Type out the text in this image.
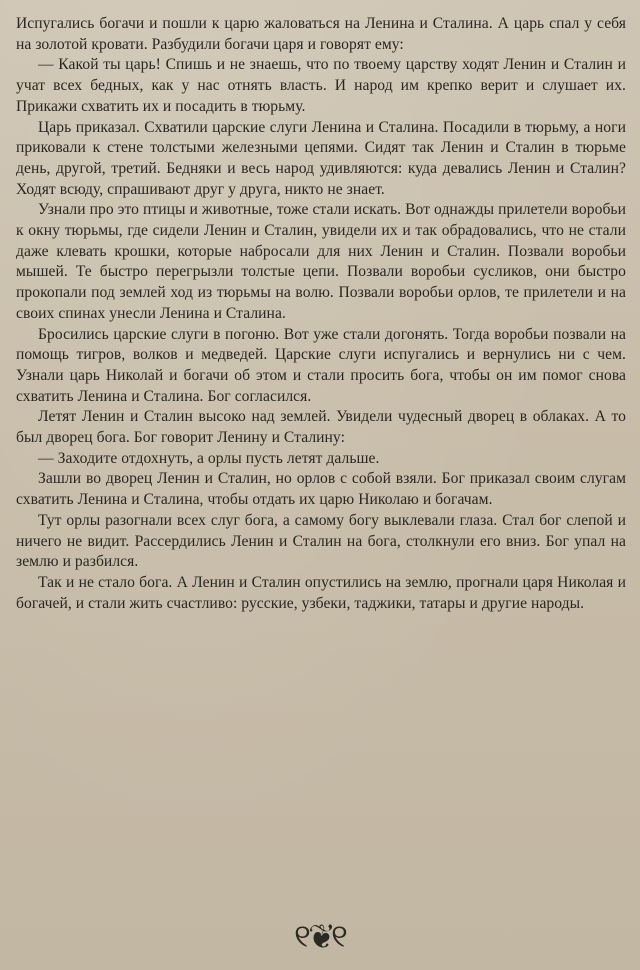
Испугались богачи и пошли к царю жаловаться на Ленина и Сталина. А царь спал у себя на золотой кровати. Разбудили богачи царя и говорят ему:

— Какой ты царь! Спишь и не знаешь, что по твоему царству ходят Ленин и Сталин и учат всех бедных, как у нас отнять власть. И народ им крепко верит и слушает их. Прикажи схватить их и посадить в тюрьму.

Царь приказал. Схватили царские слуги Ленина и Сталина. Посадили в тюрьму, а ноги приковали к стене толстыми железными цепями. Сидят так Ленин и Сталин в тюрьме день, другой, третий. Бедняки и весь народ удивляются: куда девались Ленин и Сталин? Ходят всюду, спрашивают друг у друга, никто не знает.

Узнали про это птицы и животные, тоже стали искать. Вот однажды прилетели воробьи к окну тюрьмы, где сидели Ленин и Сталин, увидели их и так обрадовались, что не стали даже клевать крошки, которые набросали для них Ленин и Сталин. Позвали воробьи мышей. Те быстро перегрызли толстые цепи. Позвали воробьи сусликов, они быстро прокопали под землей ход из тюрьмы на волю. Позвали воробьи орлов, те прилетели и на своих спинах унесли Ленина и Сталина.

Бросились царские слуги в погоню. Вот уже стали догонять. Тогда воробьи позвали на помощь тигров, волков и медведей. Царские слуги испугались и вернулись ни с чем. Узнали царь Николай и богачи об этом и стали просить бога, чтобы он им помог снова схватить Ленина и Сталина. Бог согласился.

Летят Ленин и Сталин высоко над землей. Увидели чудесный дворец в облаках. А то был дворец бога. Бог говорит Ленину и Сталину:

— Заходите отдохнуть, а орлы пусть летят дальше.

Зашли во дворец Ленин и Сталин, но орлов с собой взяли. Бог приказал своим слугам схватить Ленина и Сталина, чтобы отдать их царю Николаю и богачам.

Тут орлы разогнали всех слуг бога, а самому богу выклевали глаза. Стал бог слепой и ничего не видит. Рассердились Ленин и Сталин на бога, столкнули его вниз. Бог упал на землю и разбился.

Так и не стало бога. А Ленин и Сталин опустились на землю, прогнали царя Николая и богачей, и стали жить счастливо: русские, узбеки, таджики, татары и другие народы.

୧❦୧
